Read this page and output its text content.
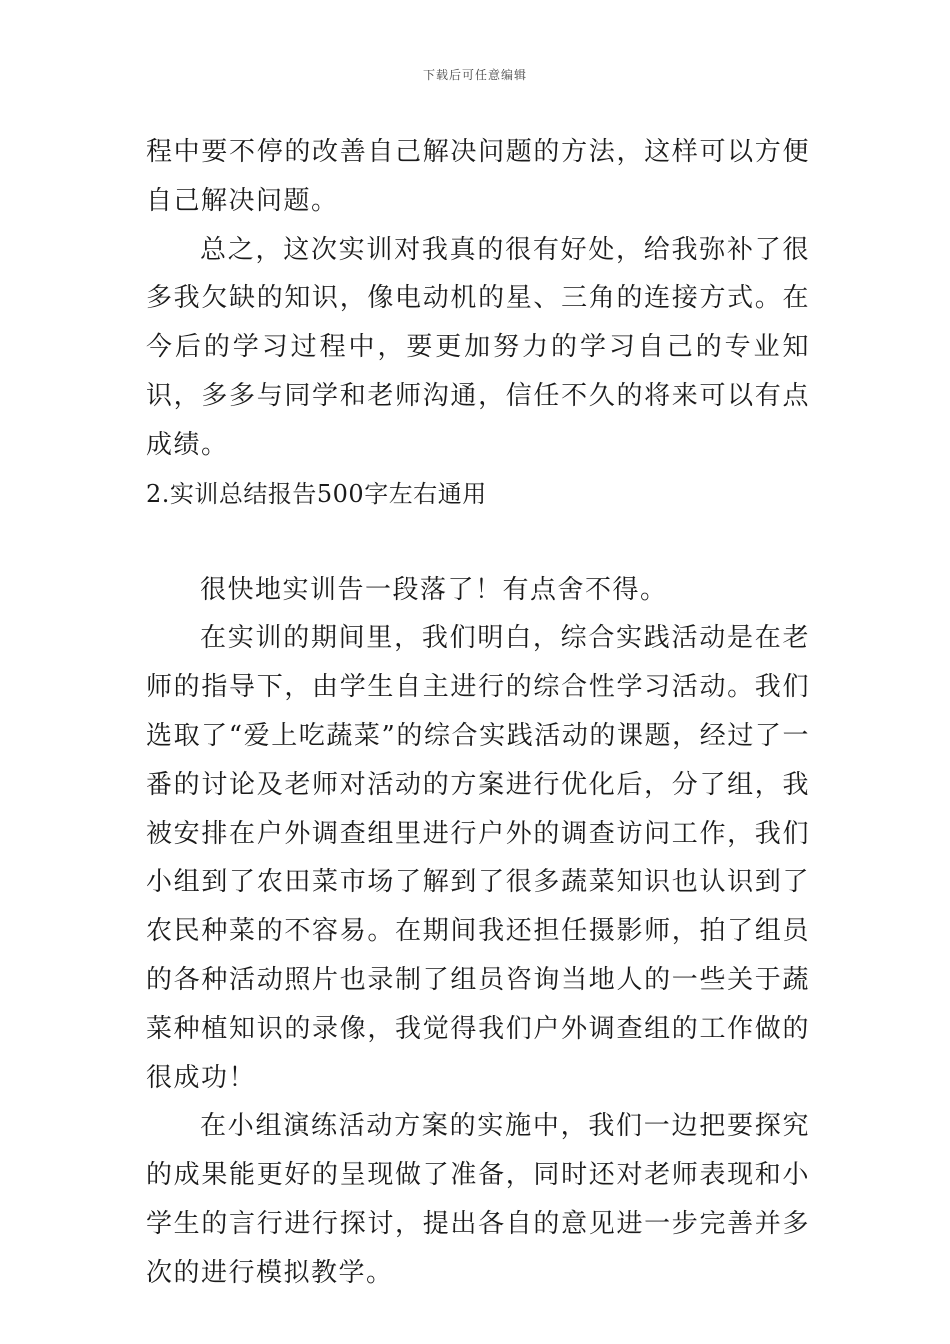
下载后可任意编辑

程中要不停的改善自己解决问题的方法，这样可以方便自己解决问题。

总之，这次实训对我真的很有好处，给我弥补了很多我欠缺的知识，像电动机的星、三角的连接方式。在今后的学习过程中，要更加努力的学习自己的专业知识，多多与同学和老师沟通，信任不久的将来可以有点成绩。

2.实训总结报告500字左右通用

很快地实训告一段落了！有点舍不得。

在实训的期间里，我们明白，综合实践活动是在老师的指导下，由学生自主进行的综合性学习活动。我们选取了“爱上吃蔬菜”的综合实践活动的课题，经过了一番的讨论及老师对活动的方案进行优化后，分了组，我被安排在户外调查组里进行户外的调查访问工作，我们小组到了农田菜市场了解到了很多蔬菜知识也认识到了农民种菜的不容易。在期间我还担任摄影师，拍了组员的各种活动照片也录制了组员咨询当地人的一些关于蔬菜种植知识的录像，我觉得我们户外调查组的工作做的很成功！

在小组演练活动方案的实施中，我们一边把要探究的成果能更好的呈现做了准备，同时还对老师表现和小学生的言行进行探讨，提出各自的意见进一步完善并多次的进行模拟教学。
